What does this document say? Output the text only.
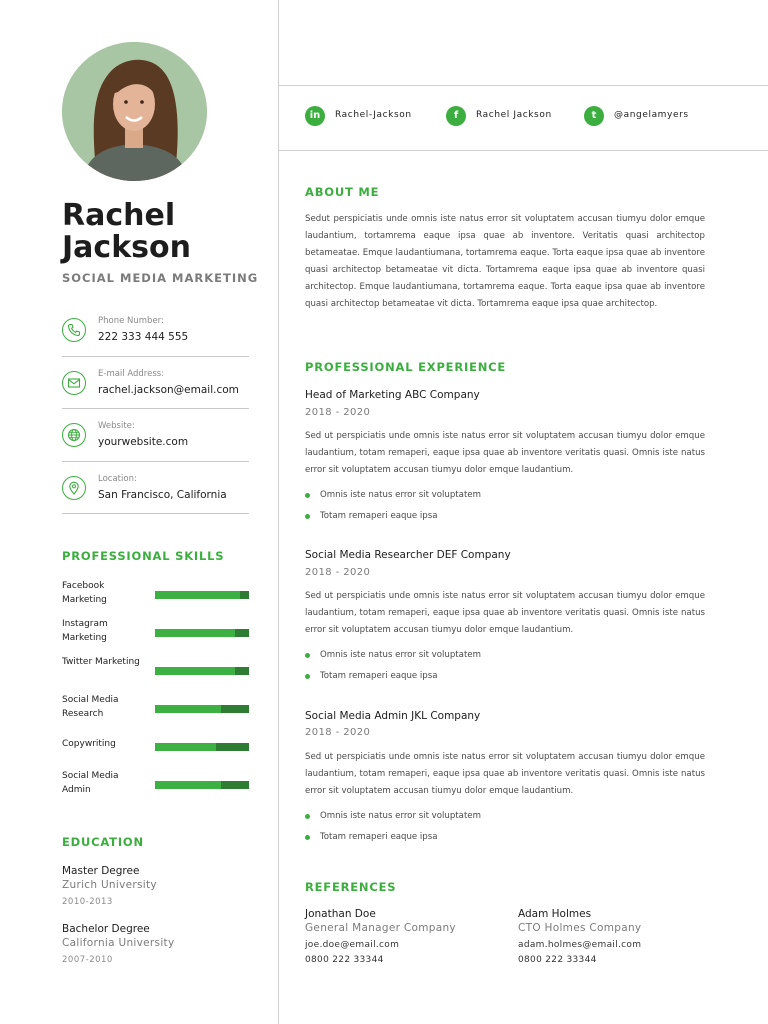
Rachel Jackson
SOCIAL MEDIA MARKETING
Phone Number:
222 333 444 555
E-mail Address:
rachel.jackson@email.com
Website:
yourwebsite.com
Location:
San Francisco, California
PROFESSIONAL SKILLS
Facebook Marketing
Instagram Marketing
Twitter Marketing
Social Media Research
Copywriting
Social Media Admin
EDUCATION
Master Degree
Zurich University
2010-2013
Bachelor Degree
California University
2007-2010
in	Rachel-Jackson	f	Rachel Jackson	t	@angelamyers
ABOUT ME
Sedut perspiciatis unde omnis iste natus error sit voluptatem accusan tiumyu dolor emque laudantium, tortamrema eaque ipsa quae ab inventore. Veritatis quasi architectop betameatae. Emque laudantiumana, tortamrema eaque. Torta eaque ipsa quae ab inventore quasi architectop betameatae vit dicta. Tortamrema eaque ipsa quae ab inventore quasi architectop. Emque laudantiumana, tortamrema eaque. Torta eaque ipsa quae ab inventore quasi architectop betameatae vit dicta. Tortamrema eaque ipsa quae architectop.
PROFESSIONAL EXPERIENCE
Head of Marketing ABC Company
2018 - 2020
Sed ut perspiciatis unde omnis iste natus error sit voluptatem accusan tiumyu dolor emque laudantium, totam remaperi, eaque ipsa quae ab inventore veritatis quasi. Omnis iste natus error sit voluptatem accusan tiumyu dolor emque laudantium.
Omnis iste natus error sit voluptatem
Totam remaperi eaque ipsa
Social Media Researcher DEF Company
2018 - 2020
Sed ut perspiciatis unde omnis iste natus error sit voluptatem accusan tiumyu dolor emque laudantium, totam remaperi, eaque ipsa quae ab inventore veritatis quasi. Omnis iste natus error sit voluptatem accusan tiumyu dolor emque laudantium.
Omnis iste natus error sit voluptatem
Totam remaperi eaque ipsa
Social Media Admin JKL Company
2018 - 2020
Sed ut perspiciatis unde omnis iste natus error sit voluptatem accusan tiumyu dolor emque laudantium, totam remaperi, eaque ipsa quae ab inventore veritatis quasi. Omnis iste natus error sit voluptatem accusan tiumyu dolor emque laudantium.
Omnis iste natus error sit voluptatem
Totam remaperi eaque ipsa
REFERENCES
Jonathan Doe
General Manager Company
joe.doe@email.com
0800 222 33344
Adam Holmes
CTO Holmes Company
adam.holmes@email.com
0800 222 33344
